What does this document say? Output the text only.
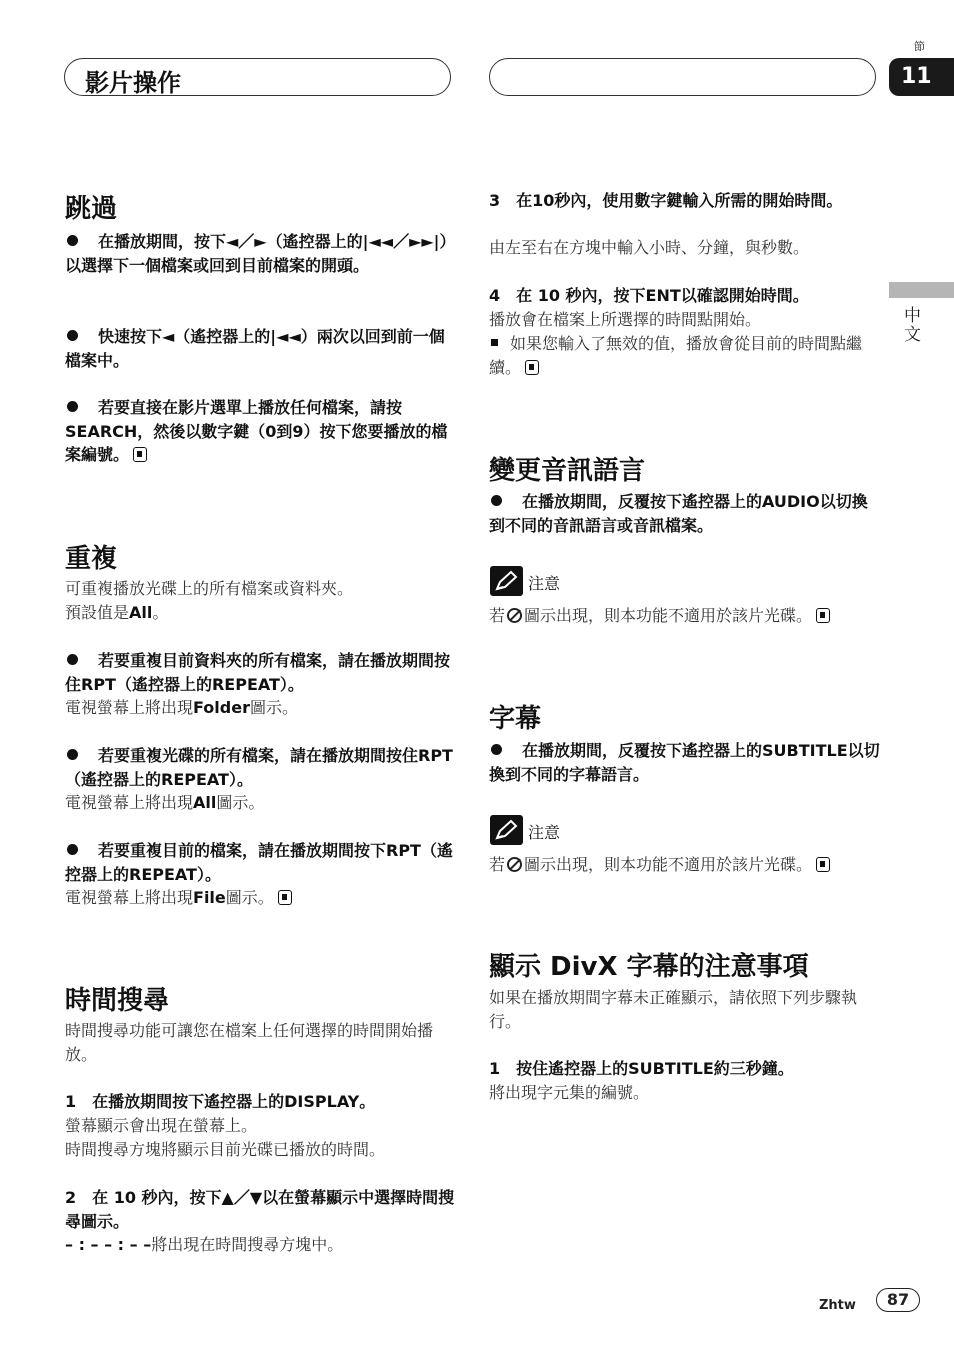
影片操作
節
11
中文
跳過
在播放期間，按下◄／►（遙控器上的|◄◄／►►|）以選擇下一個檔案或回到目前檔案的開頭。
快速按下◄（遙控器上的|◄◄）兩次以回到前一個檔案中。
若要直接在影片選單上播放任何檔案，請按SEARCH，然後以數字鍵（0到9）按下您要播放的檔案編號。
重複
可重複播放光碟上的所有檔案或資料夾。
預設值是All。
若要重複目前資料夾的所有檔案，請在播放期間按住RPT（遙控器上的REPEAT）。
電視螢幕上將出現Folder圖示。
若要重複光碟的所有檔案，請在播放期間按住RPT（遙控器上的REPEAT）。
電視螢幕上將出現All圖示。
若要重複目前的檔案，請在播放期間按下RPT（遙控器上的REPEAT）。
電視螢幕上將出現File圖示。
時間搜尋
時間搜尋功能可讓您在檔案上任何選擇的時間開始播放。
1　在播放期間按下遙控器上的DISPLAY。
螢幕顯示會出現在螢幕上。
時間搜尋方塊將顯示目前光碟已播放的時間。
2　在 10 秒內，按下▲／▼以在螢幕顯示中選擇時間搜尋圖示。
– : – – : – –將出現在時間搜尋方塊中。
3　在10秒內，使用數字鍵輸入所需的開始時間。
由左至右在方塊中輸入小時、分鐘，與秒數。
4　在 10 秒內，按下ENT以確認開始時間。
播放會在檔案上所選擇的時間點開始。
如果您輸入了無效的值，播放會從目前的時間點繼續。
變更音訊語言
在播放期間，反覆按下遙控器上的AUDIO以切換到不同的音訊語言或音訊檔案。
注意
若 圖示出現，則本功能不適用於該片光碟。
字幕
在播放期間，反覆按下遙控器上的SUBTITLE以切換到不同的字幕語言。
注意
若 圖示出現，則本功能不適用於該片光碟。
顯示 DivX 字幕的注意事項
如果在播放期間字幕未正確顯示，請依照下列步驟執行。
1　按住遙控器上的SUBTITLE約三秒鐘。
將出現字元集的編號。
Zhtw	87
